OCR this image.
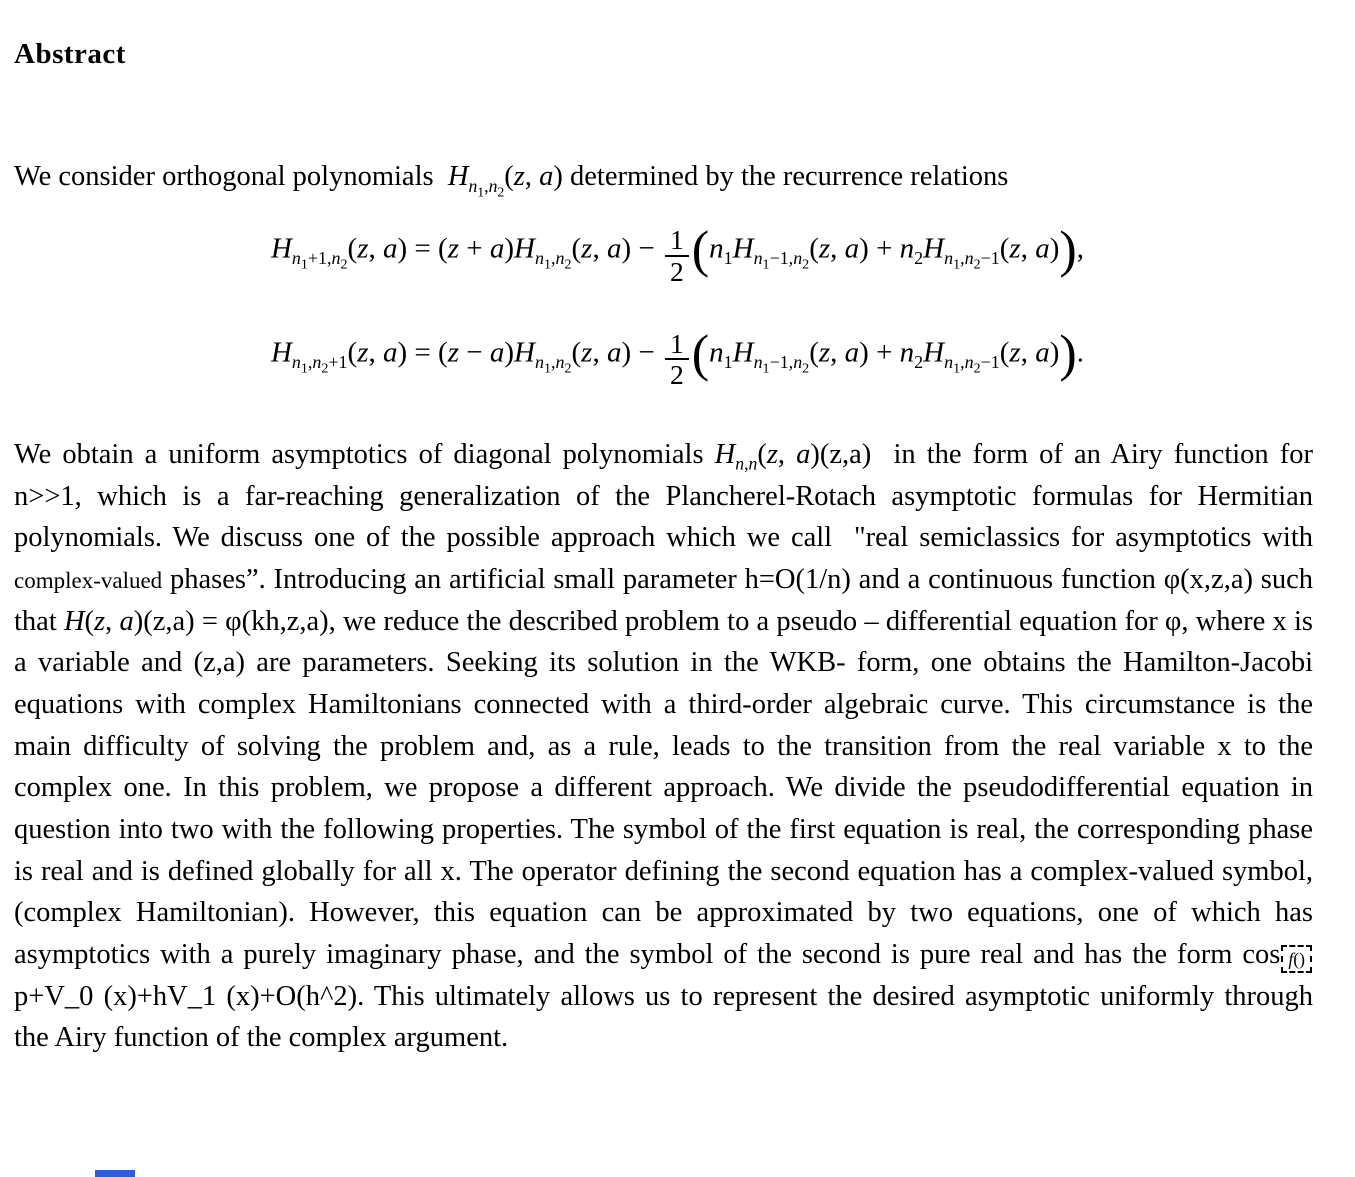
Abstract
We consider orthogonal polynomials  $H_{n_1,n_2}(z$, a) determined by the recurrence relations
$H_{n_1+1,n_2}(z$, $a) = (z + a)H_{n_1,n_2}(z$, $a) - \frac{1}{2} (n_1H_{n_1-1,n_2}(z$, $a) + n_2H_{n_1,n_2-1}(z$, a)),
$H_{n_1,n_2+1}(z$, $a) = (z - a)H_{n_1,n_2}(z$, $a) - \frac{1}{2} (n_1H_{n_1-1,n_2}(z$, $a) + n_2H_{n_1,n_2-1}(z$, a)).
We obtain a uniform asymptotics of diagonal polynomials $H_{n,n}(z$, a)(z,a)  in the form of an Airy function for n>>1, which is a far-reaching generalization of the Plancherel-Rotach asymptotic formulas for Hermitian polynomials. We discuss one of the possible approach which we call  "real semiclassics for asymptotics with complex-valued phases”. Introducing an artificial small parameter h=O(1/n) and a continuous function φ(x,z,a) such that H(z, a)(z,a) = φ(kh,z,a), we reduce the described problem to a pseudo – differential equation for φ, where x is a variable and (z,a) are parameters. Seeking its solution in the WKB- form, one obtains the Hamilton-Jacobi equations with complex Hamiltonians connected with a third-order algebraic curve. This circumstance is the main difficulty of solving the problem and, as a rule, leads to the transition from the real variable x to the complex one. In this problem, we propose a different approach. We divide the pseudodifferential equation in question into two with the following properties. The symbol of the first equation is real, the corresponding phase is real and is defined globally for all x. The operator defining the second equation has a complex-valued symbol, (complex Hamiltonian). However, this equation can be approximated by two equations, one of which has asymptotics with a purely imaginary phase, and the symbol of the second is pure real and has the form cos f()p+V_0 (x)+hV_1 (x)+O(h^2). This ultimately allows us to represent the desired asymptotic uniformly through the Airy function of the complex argument.
